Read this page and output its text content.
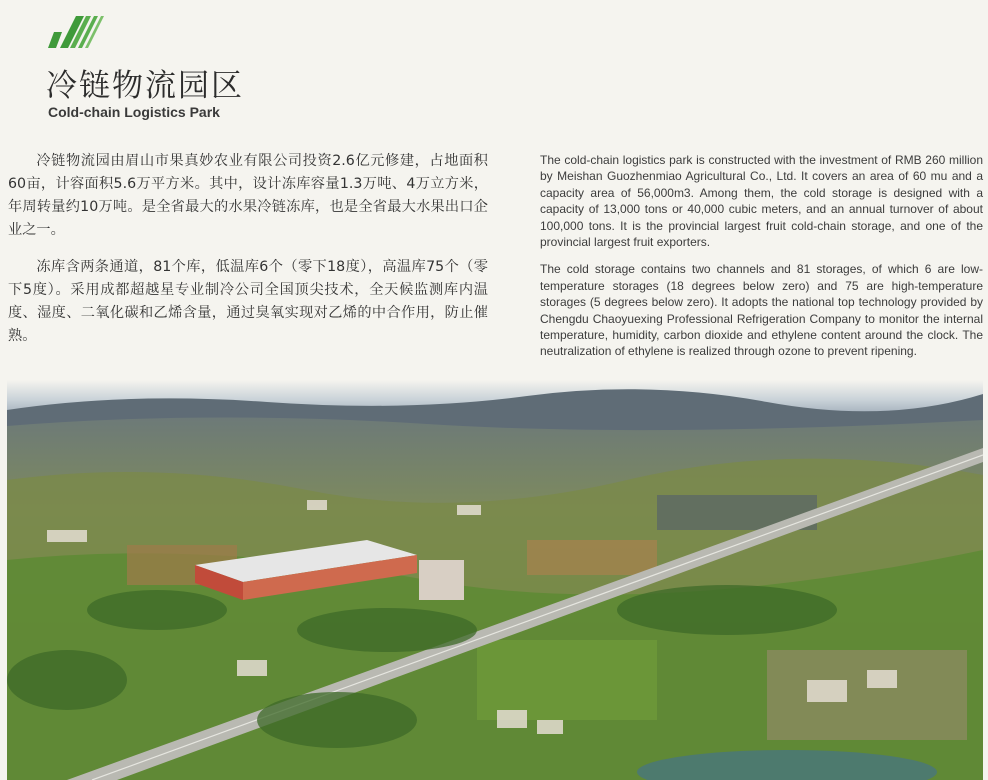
冷链物流园区
Cold-chain Logistics Park

冷链物流园由眉山市果真妙农业有限公司投资2.6亿元修建，占地面积60亩，计容面积5.6万平方米。其中，设计冻库容量1.3万吨、4万立方米，年周转量约10万吨。是全省最大的水果冷链冻库，也是全省最大水果出口企业之一。

冻库含两条通道，81个库，低温库6个（零下18度），高温库75个（零下5度）。采用成都超越星专业制冷公司全国顶尖技术，全天候监测库内温度、湿度、二氧化碳和乙烯含量，通过臭氧实现对乙烯的中合作用，防止催熟。

The cold-chain logistics park is constructed with the investment of RMB 260 million by Meishan Guozhenmiao Agricultural Co., Ltd. It covers an area of 60 mu and a capacity area of 56,000m3. Among them, the cold storage is designed with a capacity of 13,000 tons or 40,000 cubic meters, and an annual turnover of about 100,000 tons. It is the provincial largest fruit cold-chain storage, and one of the provincial largest fruit exporters.

The cold storage contains two channels and 81 storages, of which 6 are low-temperature storages (18 degrees below zero) and 75 are high-temperature storages (5 degrees below zero). It adopts the national top technology provided by Chengdu Chaoyuexing Professional Refrigeration Company to monitor the internal temperature, humidity, carbon dioxide and ethylene content around the clock. The neutralization of ethylene is realized through ozone to prevent ripening.
